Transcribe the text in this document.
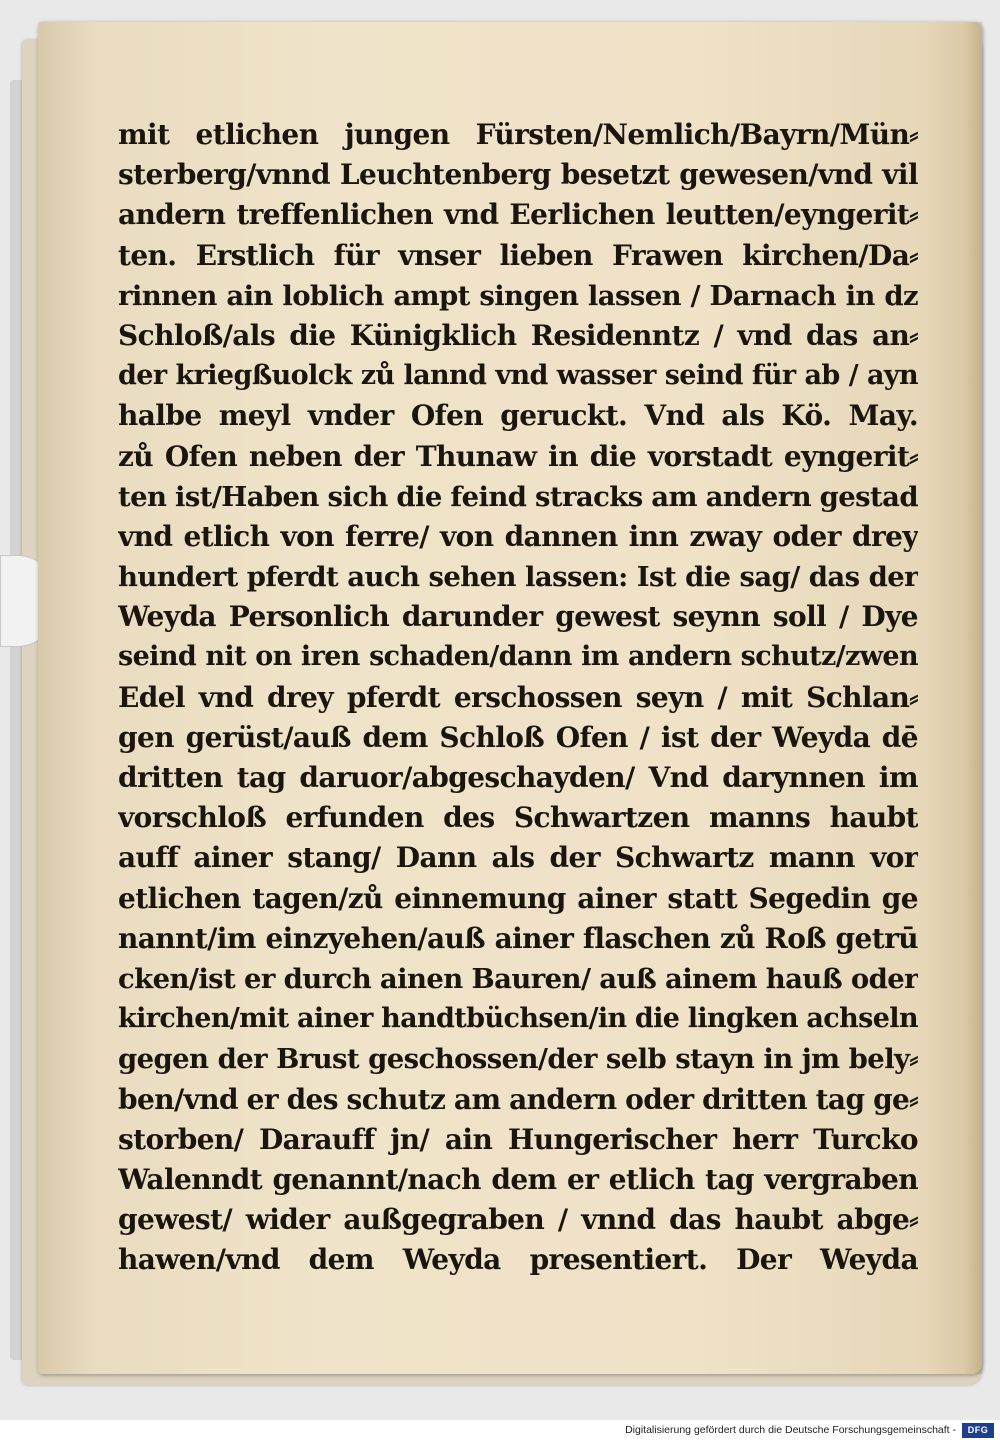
mit etlichen jungen Fürsten/Nemlich/Bayrn/Mün⸗
sterberg/vnnd Leuchtenberg besetzt gewesen/vnd vil
andern treffenlichen vnd Eerlichen leutten/eyngerit⸗
ten. Erstlich für vnser lieben Frawen kirchen/Da⸗
rinnen ain loblich ampt singen lassen / Darnach in dz
Schloß/als die Künigklich Residenntz / vnd das an⸗
der kriegßuolck zů lannd vnd wasser seind für ab / ayn
halbe meyl vnder Ofen geruckt. Vnd als Kö. May.
zů Ofen neben der Thunaw in die vorstadt eyngerit⸗
ten ist/Haben sich die feind stracks am andern gestad
vnd etlich von ferre/ von dannen inn zway oder drey
hundert pferdt auch sehen lassen: Ist die sag/ das der
Weyda Personlich darunder gewest seynn soll / Dye
seind nit on iren schaden/dann im andern schutz/zwen
Edel vnd drey pferdt erschossen seyn / mit Schlan⸗
gen gerüst/auß dem Schloß Ofen / ist der Weyda dē
dritten tag daruor/abgeschayden/ Vnd darynnen im
vorschloß erfunden des Schwartzen manns haubt
auff ainer stang/ Dann als der Schwartz mann vor
etlichen tagen/zů einnemung ainer statt Segedin ge
nannt/im einzyehen/auß ainer flaschen zů Roß getrū
cken/ist er durch ainen Bauren/ auß ainem hauß oder
kirchen/mit ainer handtbüchsen/in die lingken achseln
gegen der Brust geschossen/der selb stayn in jm bely⸗
ben/vnd er des schutz am andern oder dritten tag ge⸗
storben/ Darauff jn/ ain Hungerischer herr Turcko
Walenndt genannt/nach dem er etlich tag vergraben
gewest/ wider außgegraben / vnnd das haubt abge⸗
hawen/vnd dem Weyda presentiert. Der Weyda
Digitalisierung gefördert durch die Deutsche Forschungsgemeinschaft -	DFG
